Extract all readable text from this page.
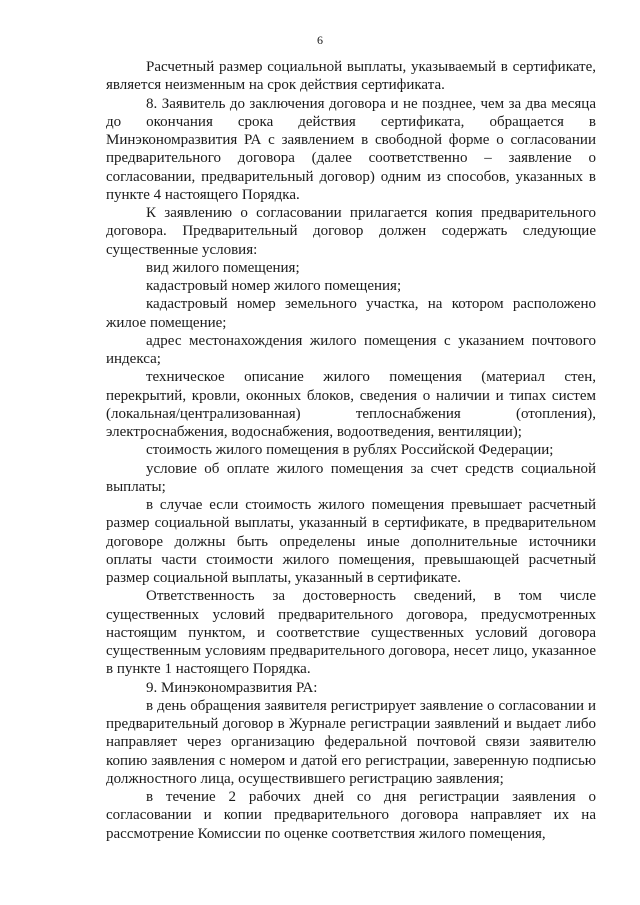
6

Расчетный размер социальной выплаты, указываемый в сертификате, является неизменным на срок действия сертификата.

8. Заявитель до заключения договора и не позднее, чем за два месяца до окончания срока действия сертификата, обращается в Минэкономразвития РА с заявлением в свободной форме о согласовании предварительного договора (далее соответственно – заявление о согласовании, предварительный договор) одним из способов, указанных в пункте 4 настоящего Порядка.

К заявлению о согласовании прилагается копия предварительного договора. Предварительный договор должен содержать следующие существенные условия:

вид жилого помещения;

кадастровый номер жилого помещения;

кадастровый номер земельного участка, на котором расположено жилое помещение;

адрес местонахождения жилого помещения с указанием почтового индекса;

техническое описание жилого помещения (материал стен, перекрытий, кровли, оконных блоков, сведения о наличии и типах систем (локальная/централизованная) теплоснабжения (отопления), электроснабжения, водоснабжения, водоотведения, вентиляции);

стоимость жилого помещения в рублях Российской Федерации;

условие об оплате жилого помещения за счет средств социальной выплаты;

в случае если стоимость жилого помещения превышает расчетный размер социальной выплаты, указанный в сертификате, в предварительном договоре должны быть определены иные дополнительные источники оплаты части стоимости жилого помещения, превышающей расчетный размер социальной выплаты, указанный в сертификате.

Ответственность за достоверность сведений, в том числе существенных условий предварительного договора, предусмотренных настоящим пунктом, и соответствие существенных условий договора существенным условиям предварительного договора, несет лицо, указанное в пункте 1 настоящего Порядка.

9. Минэкономразвития РА:

в день обращения заявителя регистрирует заявление о согласовании и предварительный договор в Журнале регистрации заявлений и выдает либо направляет через организацию федеральной почтовой связи заявителю копию заявления с номером и датой его регистрации, заверенную подписью должностного лица, осуществившего регистрацию заявления;

в течение 2 рабочих дней со дня регистрации заявления о согласовании и копии предварительного договора направляет их на рассмотрение Комиссии по оценке соответствия жилого помещения,
